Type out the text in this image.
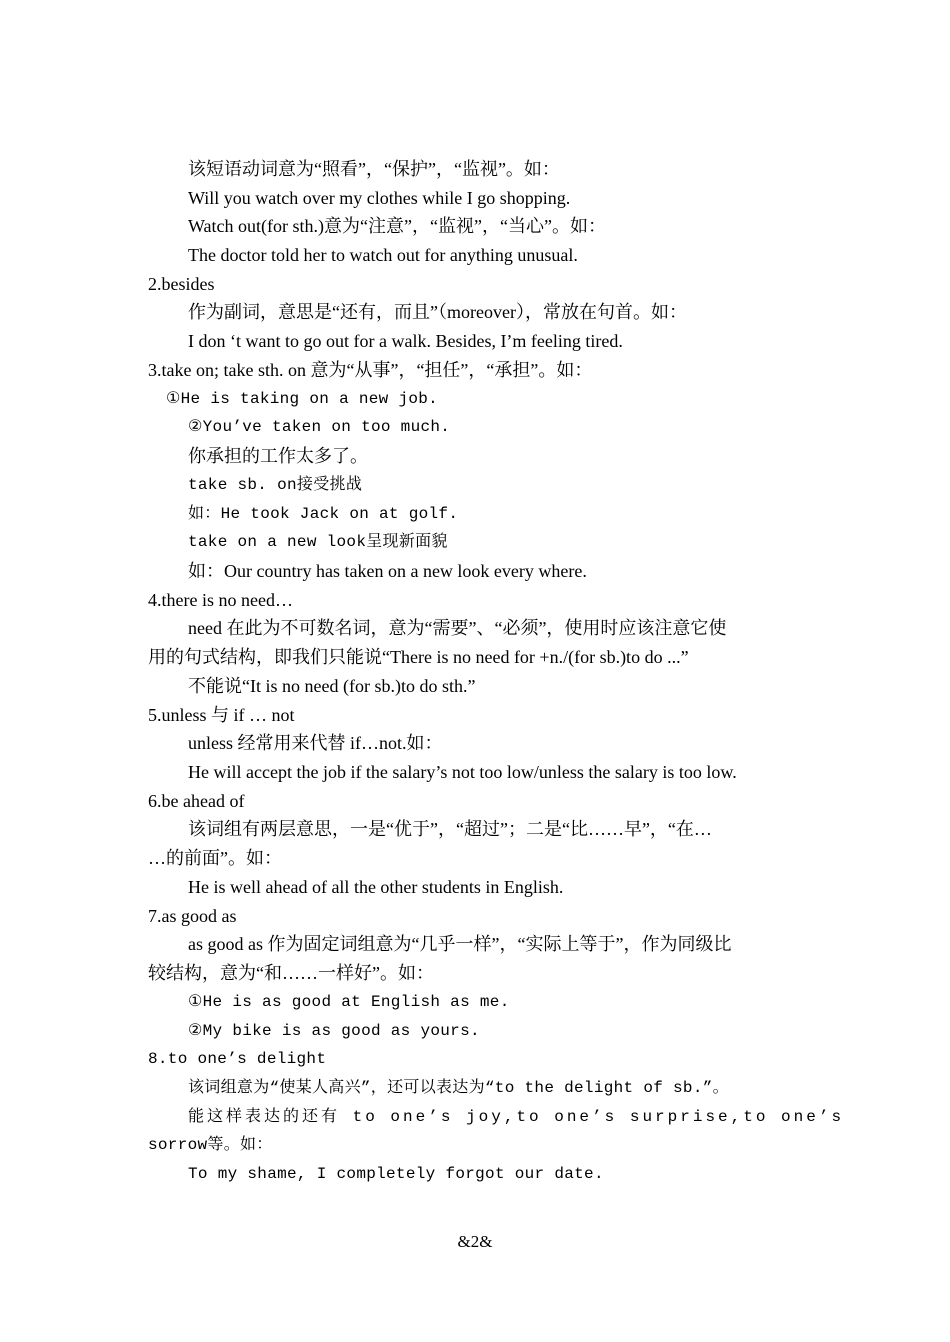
该短语动词意为“照看”，“保护”，“监视”。如：
Will you watch over my clothes while I go shopping.
Watch out(for sth.)意为“注意”，“监视”，“当心”。如：
The doctor told her to watch out for anything unusual.
2.besides
作为副词，意思是“还有，而且”（moreover），常放在句首。如：
I don ‘t want to go out for a walk. Besides, I’m feeling tired.
3.take on; take sth. on 意为“从事”，“担任”，“承担”。如：
①He is taking on a new job.
②You’ve taken on too much.
你承担的工作太多了。
take sb. on接受挑战
如：He took Jack on at golf.
take on a new look呈现新面貌
如：Our country has taken on a new look every where.
4.there is no need…
need 在此为不可数名词，意为“需要”、“必须”，使用时应该注意它使
用的句式结构，即我们只能说“There is no need for +n./(for sb.)to do ...”
不能说“It is no need (for sb.)to do sth.”
5.unless 与 if … not
unless 经常用来代替 if…not.如：
He will accept the job if the salary’s not too low/unless the salary is too low.
6.be ahead of
该词组有两层意思，一是“优于”，“超过”；二是“比……早”，“在…
…的前面”。如：
He is well ahead of all the other students in English.
7.as good as
as good as 作为固定词组意为“几乎一样”，“实际上等于”，作为同级比
较结构，意为“和……一样好”。如：
①He is as good at English as me.
②My bike is as good as yours.
8.to one’s delight
该词组意为“使某人高兴”，还可以表达为“to the delight of sb.”。
能这样表达的还有 to one’s joy,to one’s surprise,to one’s
sorrow等。如：
To my shame, I completely forgot our date.
&2&
